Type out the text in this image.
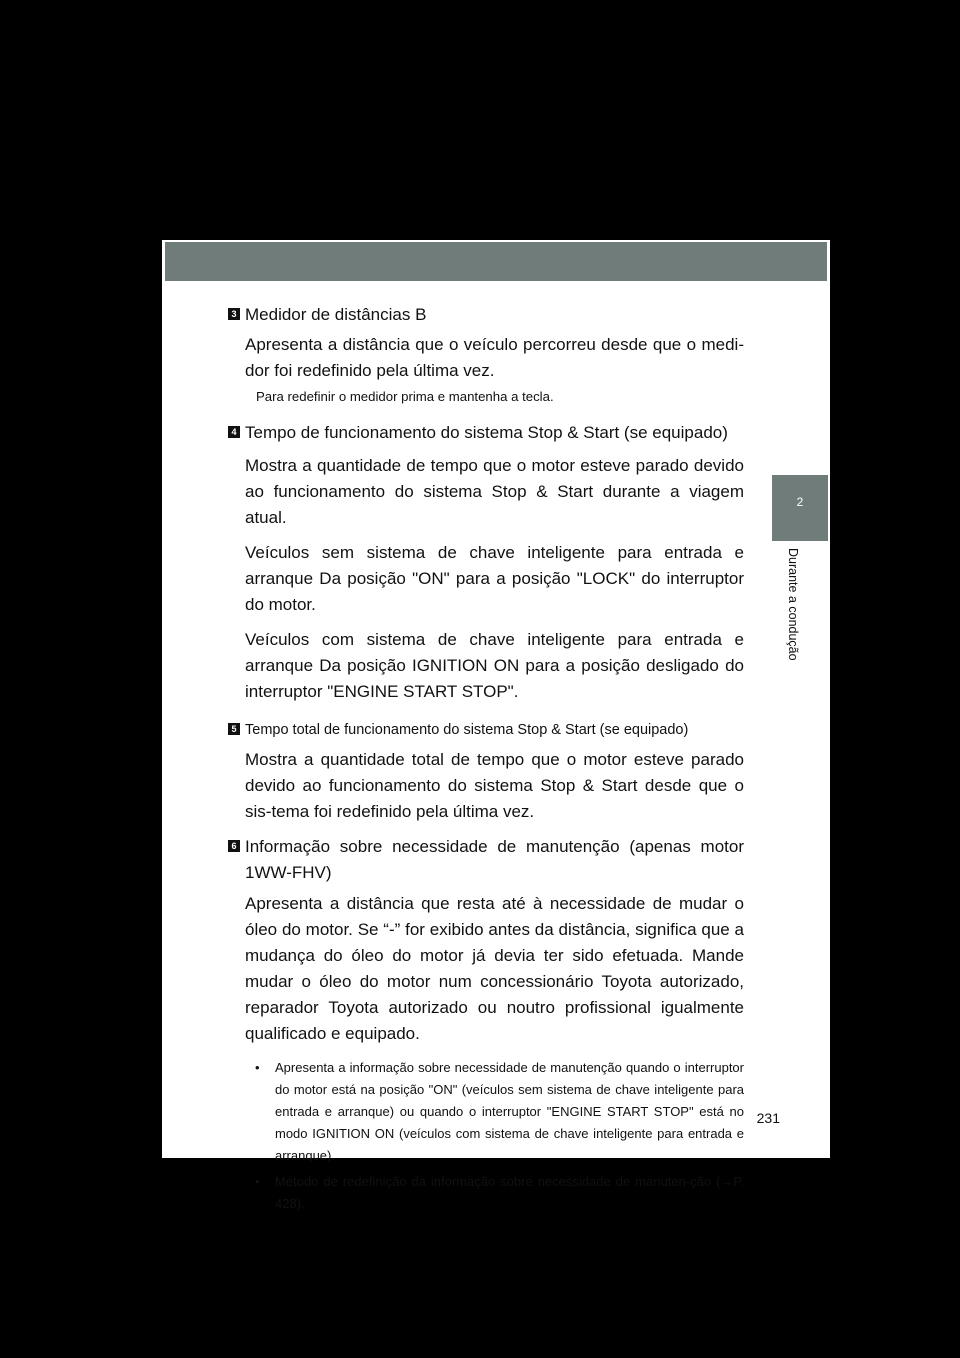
2
Durante a condução
3 Medidor de distâncias B
Apresenta a distância que o veículo percorreu desde que o medi-dor foi redefinido pela última vez.
Para redefinir o medidor prima e mantenha a tecla.
4 Tempo de funcionamento do sistema Stop & Start (se equipado)
Mostra a quantidade de tempo que o motor esteve parado devido ao funcionamento do sistema Stop & Start durante a viagem atual.
Veículos sem sistema de chave inteligente para entrada e arranque Da posição "ON" para a posição "LOCK" do interruptor do motor.
Veículos com sistema de chave inteligente para entrada e arranque Da posição IGNITION ON para a posição desligado do interruptor "ENGINE START STOP".
5 Tempo total de funcionamento do sistema Stop & Start (se equipado)
Mostra a quantidade total de tempo que o motor esteve parado devido ao funcionamento do sistema Stop & Start desde que o sis-tema foi redefinido pela última vez.
6 Informação sobre necessidade de manutenção (apenas motor 1WW-FHV)
Apresenta a distância que resta até à necessidade de mudar o óleo do motor. Se “-” for exibido antes da distância, significa que a mudança do óleo do motor já devia ter sido efetuada. Mande mudar o óleo do motor num concessionário Toyota autorizado, reparador Toyota autorizado ou noutro profissional igualmente qualificado e equipado.
• Apresenta a informação sobre necessidade de manutenção quando o interruptor do motor está na posição "ON" (veículos sem sistema de chave inteligente para entrada e arranque) ou quando o interruptor "ENGINE START STOP" está no modo IGNITION ON (veículos com sistema de chave inteligente para entrada e arranque).
• Método de redefinição da informação sobre necessidade de manuten-ção (→P. 428).
231
